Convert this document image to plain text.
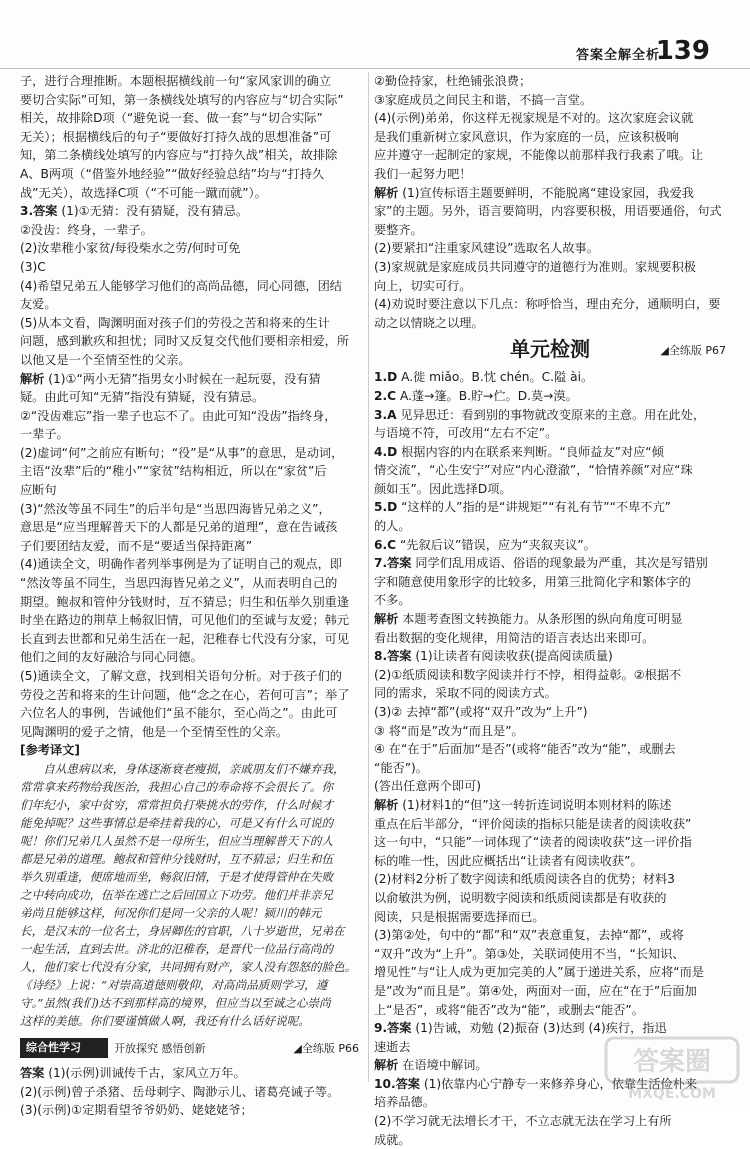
答案全解全析
139

子，进行合理推断。本题根据横线前一句“家风家训的确立

要切合实际”可知，第一条横线处填写的内容应与“切合实际”

相关，故排除D项（“避免说一套、做一套”与“切合实际”

无关）；根据横线后的句子“要做好打持久战的思想准备”可

知，第二条横线处填写的内容应与“打持久战”相关，故排除

A、B两项（“借鉴外地经验”“做好经验总结”均与“打持久

战”无关），故选择C项（“不可能一蹴而就”）。

3.答案 (1)①无猜：没有猜疑，没有猜忌。

②没齿：终身，一辈子。

(2)汝辈稚小家贫/每役柴水之劳/何时可免

(3)C

(4)希望兄弟五人能够学习他们的高尚品德，同心同德，团结

友爱。

(5)从本文看，陶渊明面对孩子们的劳役之苦和将来的生计

问题，感到歉疚和担忧；同时又反复交代他们要相亲相爱，所

以他又是一个至情至性的父亲。

解析 (1)①“两小无猜”指男女小时候在一起玩耍，没有猜

疑。由此可知“无猜”指没有猜疑，没有猜忌。

②“没齿难忘”指一辈子也忘不了。由此可知“没齿”指终身，

一辈子。

(2)虚词“何”之前应有断句；“役”是“从事”的意思，是动词，

主语“汝辈”后的“稚小”“家贫”结构相近，所以在“家贫”后

应断句

(3)“然汝等虽不同生”的后半句是“当思四海皆兄弟之义”，

意思是“应当理解普天下的人都是兄弟的道理”，意在告诫孩

子们要团结友爱，而不是“要适当保持距离”

(4)通读全文，明确作者列举事例是为了证明自己的观点，即

“然汝等虽不同生，当思四海皆兄弟之义”，从而表明自己的

期望。鲍叔和管仲分钱财时，互不猜忌；归生和伍举久别重逢

时坐在路边的荆草上畅叙旧情，可见他们的至诚与友爱；韩元

长直到去世都和兄弟生活在一起，汜稚春七代没有分家，可见

他们之间的友好融洽与同心同德。

(5)通读全文，了解文意，找到相关语句分析。对于孩子们的

劳役之苦和将来的生计问题，他“念之在心，若何可言”；举了

六位名人的事例，告诫他们“虽不能尔，至心尚之”。由此可

见陶渊明的爱子之情，他是一个至情至性的父亲。

[参考译文]

自从患病以来，身体逐渐衰老瘦损，亲戚朋友们不嫌弃我，

常常拿来药物给我医治，我担心自己的寿命将不会很长了。你

们年纪小，家中贫穷，常常担负打柴挑水的劳作，什么时候才

能免掉呢？这些事情总是牵挂着我的心，可是又有什么可说的

呢！你们兄弟几人虽然不是一母所生，但应当理解普天下的人

都是兄弟的道理。鲍叔和管仲分钱财时，互不猜忌；归生和伍

举久别重逢，便席地而坐，畅叙旧情，于是才使得管仲在失败

之中转向成功，伍举在逃亡之后回国立下功劳。他们并非亲兄

弟尚且能够这样，何况你们是同一父亲的人呢！颍川的韩元

长，是汉末的一位名士，身居卿佐的官职，八十岁逝世，兄弟在

一起生活，直到去世。济北的氾稚春，是晋代一位品行高尚的

人，他们家七代没有分家，共同拥有财产，家人没有怨怒的脸色。

《诗经》上说：“对崇高道德则敬仰，对高尚品质则学习，遵

守。”虽然(我们)达不到那样高的境界，但应当以至诚之心崇尚

这样的美德。你们要谨慎做人啊，我还有什么话好说呢。

综合性学习	开放探究 感悟创新	◢全练版 P66

答案 (1)(示例)训诫传千古，家风立万年。

(2)(示例)曾子杀猪、岳母刺字、陶渺示儿、诸葛亮诫子等。

(3)(示例)①定期看望爷爷奶奶、姥姥姥爷；

②勤俭持家，杜绝铺张浪费；

③家庭成员之间民主和谐，不搞一言堂。

(4)(示例)弟弟，你这样无视家规是不对的。这次家庭会议就

是我们重新树立家风意识，作为家庭的一员，应该积极响

应并遵守一起制定的家规，不能像以前那样我行我素了哦。让

我们一起努力吧！

解析 (1)宣传标语主题要鲜明，不能脱离“建设家园，我爱我

家”的主题。另外，语言要简明，内容要积极，用语要通俗，句式

要整齐。

(2)要紧扣“注重家风建设”选取名人故事。

(3)家规就是家庭成员共同遵守的道德行为准则。家规要积极

向上，切实可行。

(4)劝说时要注意以下几点：称呼恰当，理由充分，通顺明白，要

动之以情晓之以理。

单元检测	◢全练版 P67

1.D A.徙 miǎo。B.忱 chén。C.隘 ài。

2.C A.蓬→篷。B.貯→伫。D.莫→漠。

3.A 见异思迁：看到别的事物就改变原来的主意。用在此处，

与语境不符，可改用“左右不定”。

4.D 根据内容的内在联系来判断。“良师益友”对应“倾

情交流”，“心生安宁”对应“内心澄澈”，“恰情养颜”对应“珠

颜如玉”。因此选择D项。

5.D “这样的人”指的是“讲规矩”“有礼有节”“不卑不亢”

的人。

6.C “先叙后议”错误，应为“夹叙夹议”。

7.答案 同学们乱用成语、俗语的现象最为严重，其次是写错别

字和随意使用象形字的比较多，用第三批简化字和繁体字的

不多。

解析 本题考查图文转换能力。从条形图的纵向角度可明显

看出数据的变化规律，用简洁的语言表达出来即可。

8.答案 (1)让读者有阅读收获(提高阅读质量)

(2)①纸质阅读和数字阅读并行不悖，相得益彰。②根据不

同的需求，采取不同的阅读方式。

(3)② 去掉“都”(或将“双升”改为“上升”)

③ 将“而是”改为“而且是”。

④ 在“在于”后面加“是否”(或将“能否”改为“能”，或删去

“能否”)。

(答出任意两个即可)

解析 (1)材料1的“但”这一转折连词说明本则材料的陈述

重点在后半部分，“评价阅读的指标只能是读者的阅读收获”

这一句中，“只能”一词体现了“读者的阅读收获”这一评价指

标的唯一性，因此应概括出“让读者有阅读收获”。

(2)材料2分析了数字阅读和纸质阅读各自的优势；材料3

以俞敏洪为例，说明数字阅读和纸质阅读都是有收获的

阅读，只是根据需要选择而已。

(3)第②处，句中的“都”和“双”表意重复，去掉“都”，或将

“双升”改为“上升”。第③处，关联词使用不当，“长知识、

增见性”与“让人成为更加完美的人”属于递进关系，应将“而是

是”改为“而且是”。第④处，两面对一面，应在“在于”后面加

上“是否”，或将“能否”改为“能”，或删去“能否”。

9.答案 (1)告诫，劝勉 (2)振奋 (3)达到 (4)疾行，指迅

速逝去

解析 在语境中解词。

10.答案 (1)依靠内心宁静专一来修养身心，依靠生活俭朴来

培养品德。

(2)不学习就无法增长才干，不立志就无法在学习上有所

成就。

答案圈
MXQE.COM
